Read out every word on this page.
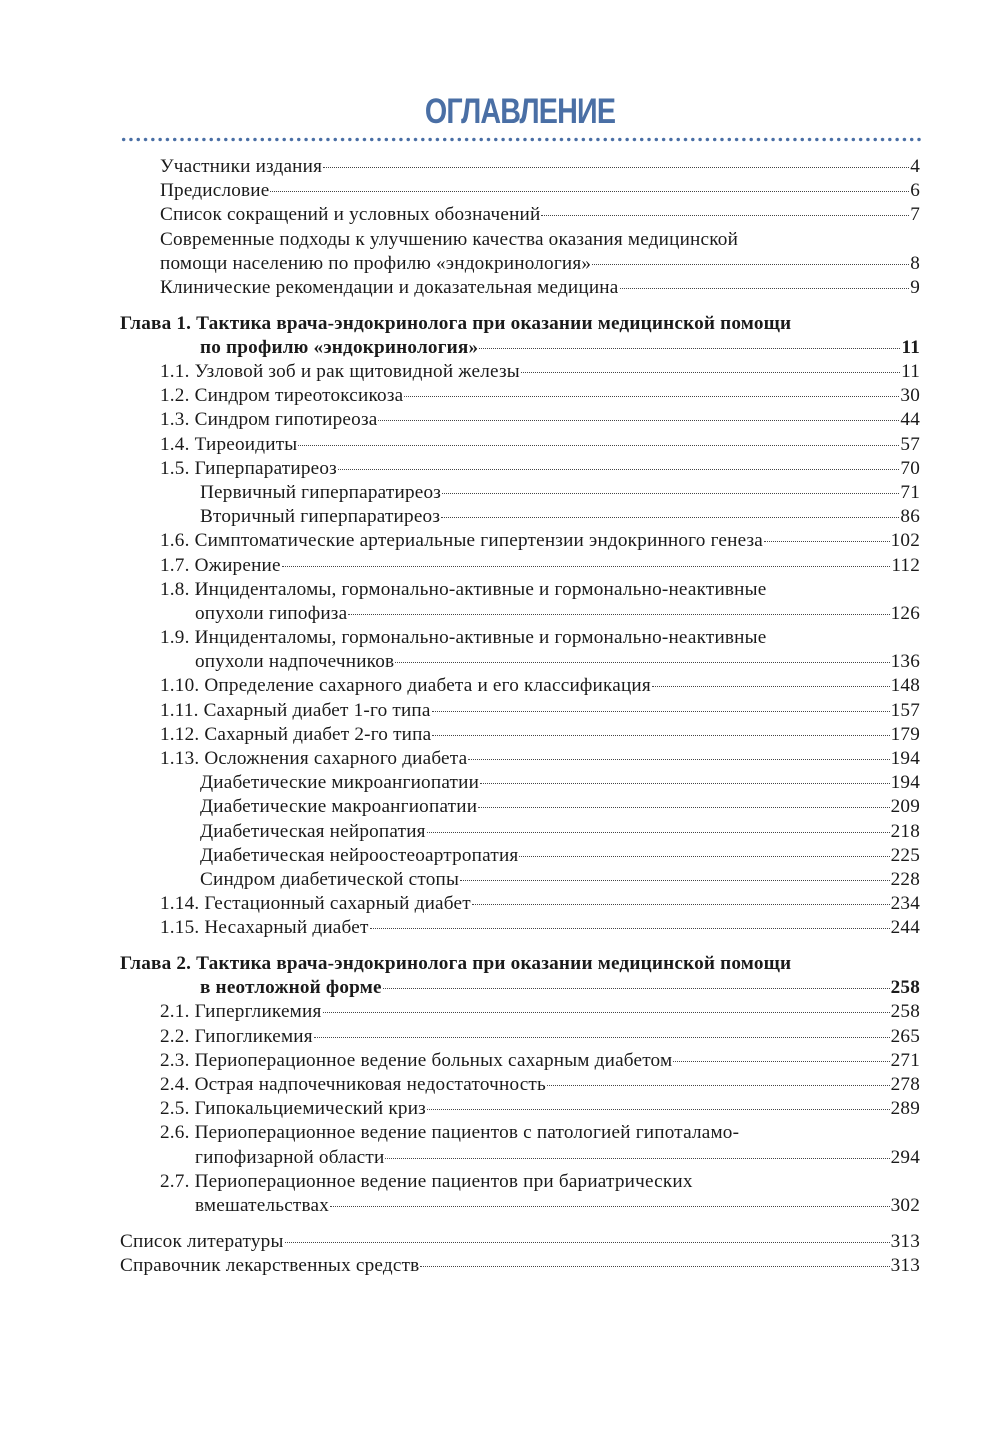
ОГЛАВЛЕНИЕ
Участники издания	4
Предисловие	6
Список сокращений и условных обозначений	7
Современные подходы к улучшению качества оказания медицинской
помощи населению по профилю «эндокринология»	8
Клинические рекомендации и доказательная медицина	9
Глава 1. Тактика врача-эндокринолога при оказании медицинской помощи
по профилю «эндокринология»	11
1.1. Узловой зоб и рак щитовидной железы	11
1.2. Синдром тиреотоксикоза	30
1.3. Синдром гипотиреоза	44
1.4. Тиреоидиты	57
1.5. Гиперпаратиреоз	70
Первичный гиперпаратиреоз	71
Вторичный гиперпаратиреоз	86
1.6. Симптоматические артериальные гипертензии эндокринного генеза	102
1.7. Ожирение	112
1.8. Инциденталомы, гормонально-активные и гормонально-неактивные
опухоли гипофиза	126
1.9. Инциденталомы, гормонально-активные и гормонально-неактивные
опухоли надпочечников	136
1.10. Определение сахарного диабета и его классификация	148
1.11. Сахарный диабет 1-го типа	157
1.12. Сахарный диабет 2-го типа	179
1.13. Осложнения сахарного диабета	194
Диабетические микроангиопатии	194
Диабетические макроангиопатии	209
Диабетическая нейропатия	218
Диабетическая нейроостеоартропатия	225
Синдром диабетической стопы	228
1.14. Гестационный сахарный диабет	234
1.15. Несахарный диабет	244
Глава 2. Тактика врача-эндокринолога при оказании медицинской помощи
в неотложной форме	258
2.1. Гипергликемия	258
2.2. Гипогликемия	265
2.3. Периоперационное ведение больных сахарным диабетом	271
2.4. Острая надпочечниковая недостаточность	278
2.5. Гипокальциемический криз	289
2.6. Периоперационное ведение пациентов с патологией гипоталамо-
гипофизарной области	294
2.7. Периоперационное ведение пациентов при бариатрических
вмешательствах	302
Список литературы	313
Справочник лекарственных средств	313
